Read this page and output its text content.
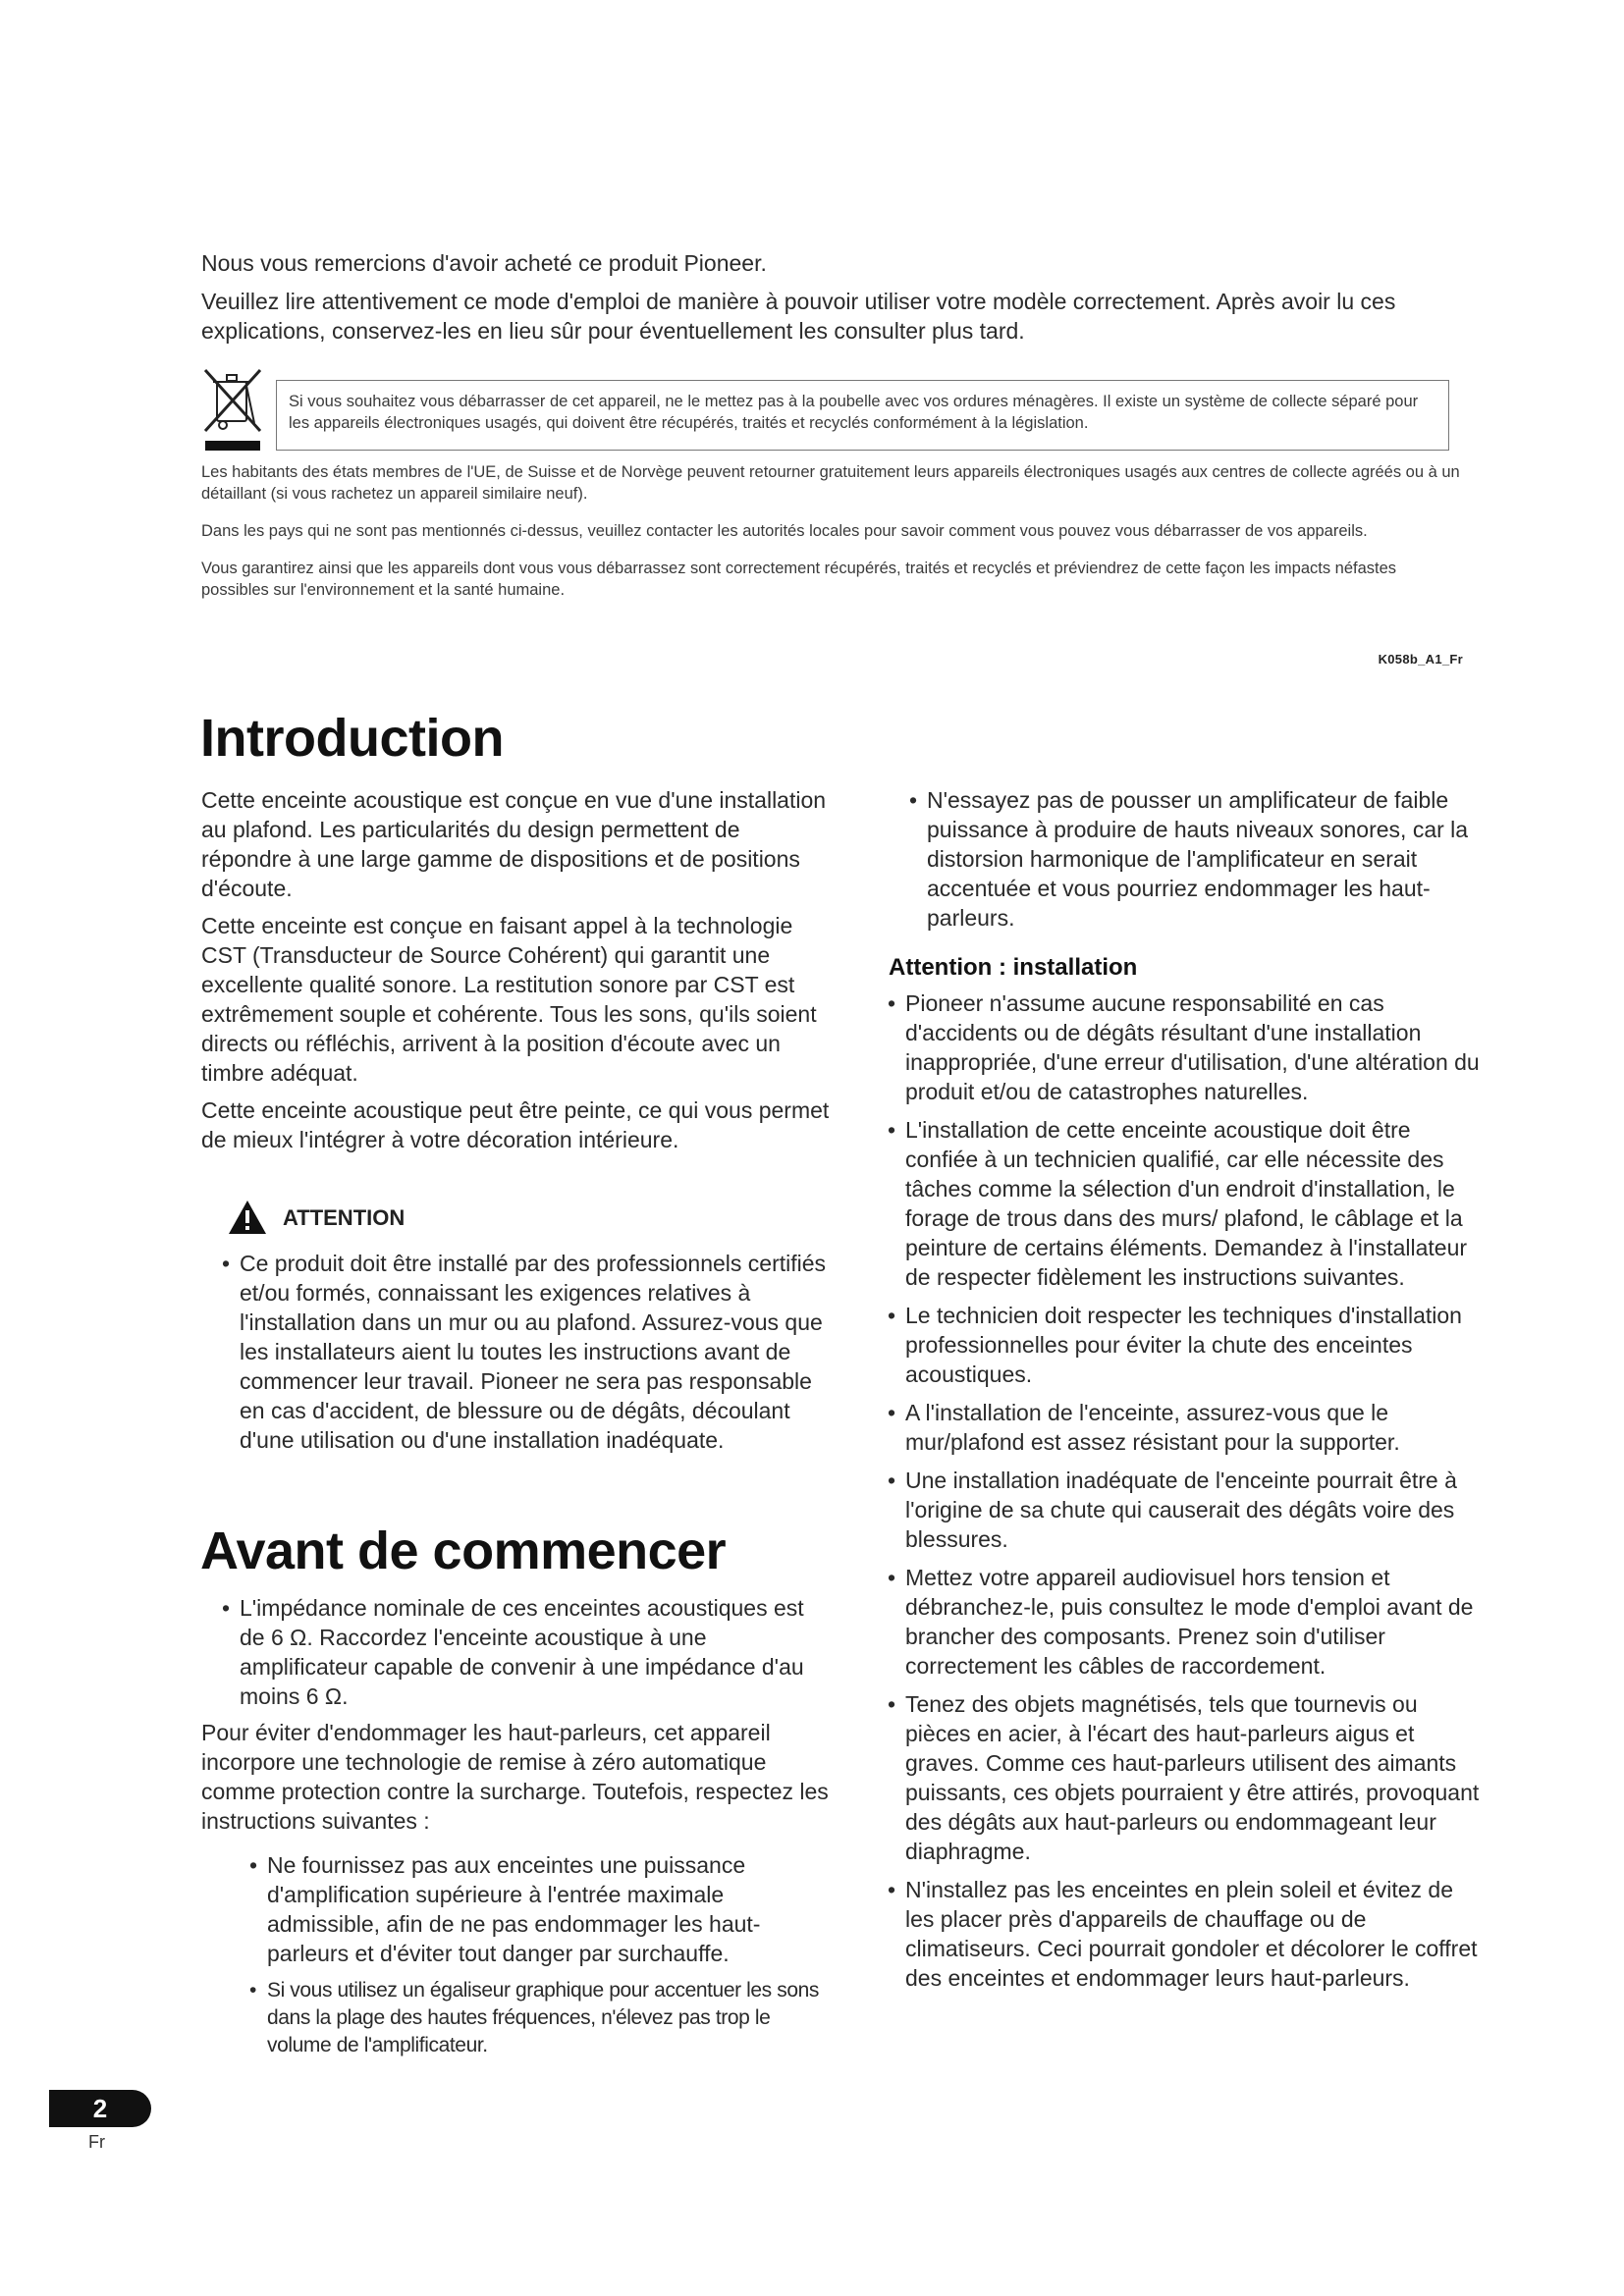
Nous vous remercions d'avoir acheté ce produit Pioneer.

Veuillez lire attentivement ce mode d'emploi de manière à pouvoir utiliser votre modèle correctement. Après avoir lu ces explications, conservez-les en lieu sûr pour éventuellement les consulter plus tard.

Si vous souhaitez vous débarrasser de cet appareil, ne le mettez pas à la poubelle avec vos ordures ménagères. Il existe un système de collecte séparé pour les appareils électroniques usagés, qui doivent être récupérés, traités et recyclés conformément à la législation.

Les habitants des états membres de l'UE, de Suisse et de Norvège peuvent retourner gratuitement leurs appareils électroniques usagés aux centres de collecte agréés ou à un détaillant (si vous rachetez un appareil similaire neuf).

Dans les pays qui ne sont pas mentionnés ci-dessus, veuillez contacter les autorités locales pour savoir comment vous pouvez vous débarrasser de vos appareils.

Vous garantirez ainsi que les appareils dont vous vous débarrassez sont correctement récupérés, traités et recyclés et préviendrez de cette façon les impacts néfastes possibles sur l'environnement et la santé humaine.

K058b_A1_Fr
Introduction

Cette enceinte acoustique est conçue en vue d'une installation au plafond. Les particularités du design permettent de répondre à une large gamme de dispositions et de positions d'écoute.

Cette enceinte est conçue en faisant appel à la technologie CST (Transducteur de Source Cohérent) qui garantit une excellente qualité sonore. La restitution sonore par CST est extrêmement souple et cohérente. Tous les sons, qu'ils soient directs ou réfléchis, arrivent à la position d'écoute avec un timbre adéquat.

Cette enceinte acoustique peut être peinte, ce qui vous permet de mieux l'intégrer à votre décoration intérieure.

ATTENTION
• Ce produit doit être installé par des professionnels certifiés et/ou formés, connaissant les exigences relatives à l'installation dans un mur ou au plafond. Assurez-vous que les installateurs aient lu toutes les instructions avant de commencer leur travail. Pioneer ne sera pas responsable en cas d'accident, de blessure ou de dégâts, découlant d'une utilisation ou d'une installation inadéquate.
Avant de commencer
• L'impédance nominale de ces enceintes acoustiques est de 6 Ω. Raccordez l'enceinte acoustique à une amplificateur capable de convenir à une impédance d'au moins 6 Ω.
Pour éviter d'endommager les haut-parleurs, cet appareil incorpore une technologie de remise à zéro automatique comme protection contre la surcharge. Toutefois, respectez les instructions suivantes :
• Ne fournissez pas aux enceintes une puissance d'amplification supérieure à l'entrée maximale admissible, afin de ne pas endommager les haut-parleurs et d'éviter tout danger par surchauffe.
• Si vous utilisez un égaliseur graphique pour accentuer les sons dans la plage des hautes fréquences, n'élevez pas trop le volume de l'amplificateur.
• N'essayez pas de pousser un amplificateur de faible puissance à produire de hauts niveaux sonores, car la distorsion harmonique de l'amplificateur en serait accentuée et vous pourriez endommager les haut-parleurs.
Attention : installation
• Pioneer n'assume aucune responsabilité en cas d'accidents ou de dégâts résultant d'une installation inappropriée, d'une erreur d'utilisation, d'une altération du produit et/ou de catastrophes naturelles.
• L'installation de cette enceinte acoustique doit être confiée à un technicien qualifié, car elle nécessite des tâches comme la sélection d'un endroit d'installation, le forage de trous dans des murs/ plafond, le câblage et la peinture de certains éléments. Demandez à l'installateur de respecter fidèlement les instructions suivantes.
• Le technicien doit respecter les techniques d'installation professionnelles pour éviter la chute des enceintes acoustiques.
• A l'installation de l'enceinte, assurez-vous que le mur/plafond est assez résistant pour la supporter.
• Une installation inadéquate de l'enceinte pourrait être à l'origine de sa chute qui causerait des dégâts voire des blessures.
• Mettez votre appareil audiovisuel hors tension et débranchez-le, puis consultez le mode d'emploi avant de brancher des composants. Prenez soin d'utiliser correctement les câbles de raccordement.
• Tenez des objets magnétisés, tels que tournevis ou pièces en acier, à l'écart des haut-parleurs aigus et graves. Comme ces haut-parleurs utilisent des aimants puissants, ces objets pourraient y être attirés, provoquant des dégâts aux haut-parleurs ou endommageant leur diaphragme.
• N'installez pas les enceintes en plein soleil et évitez de les placer près d'appareils de chauffage ou de climatiseurs. Ceci pourrait gondoler et décolorer le coffret des enceintes et endommager leurs haut-parleurs.
2
Fr
